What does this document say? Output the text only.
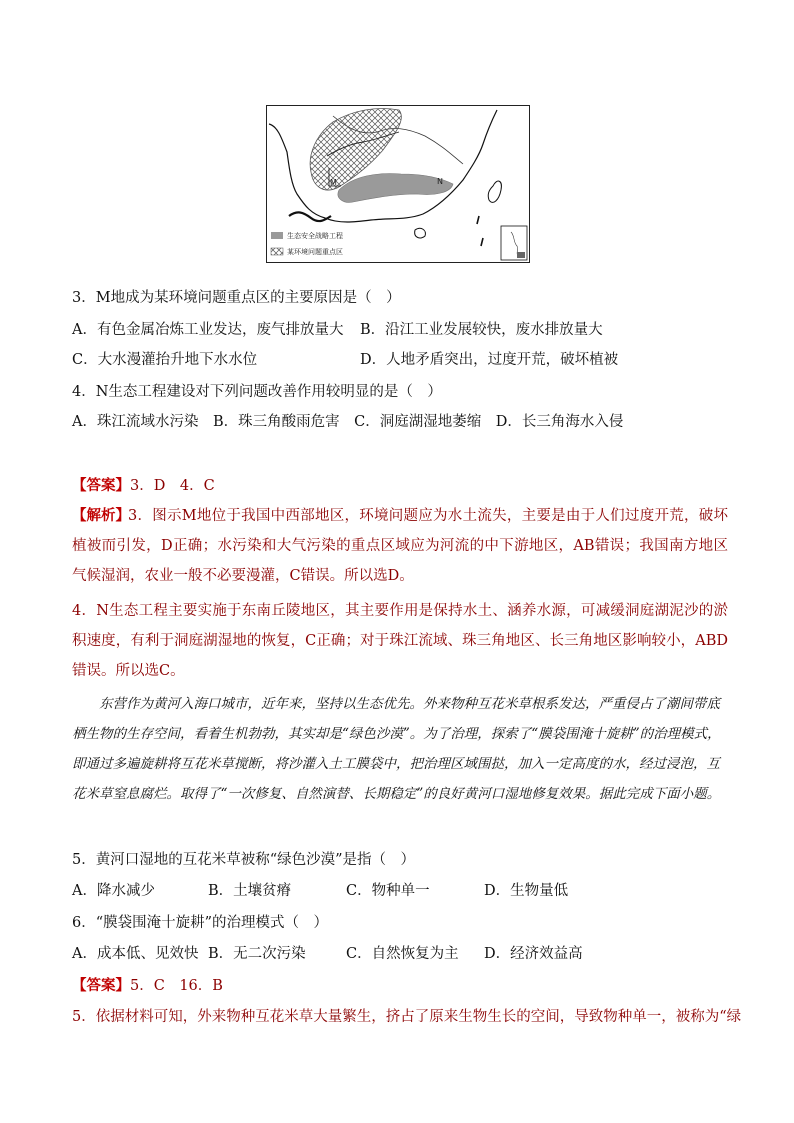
M	N
生态安全战略工程
某环境问题重点区
3．M地成为某环境问题重点区的主要原因是（　）
A．有色金属冶炼工业发达，废气排放量大 B．沿江工业发展较快，废水排放量大
C．大水漫灌抬升地下水水位	D．人地矛盾突出，过度开荒，破坏植被
4．N生态工程建设对下列问题改善作用较明显的是（　）
A．珠江流域水污染　B．珠三角酸雨危害　C．洞庭湖湿地萎缩　D．长三角海水入侵
【答案】3．D　4．C
【解析】
3．图示M地位于我国中西部地区，环境问题应为水土流失，主要是由于人们过度开荒，破坏植被而引发，D正确；水污染和大气污染的重点区域应为河流的中下游地区，AB错误；我国南方地区气候湿润，农业一般不必要漫灌，C错误。所以选D。
4．N生态工程主要实施于东南丘陵地区，其主要作用是保持水土、涵养水源，可减缓洞庭湖泥沙的淤积速度，有利于洞庭湖湿地的恢复，C正确；对于珠江流域、珠三角地区、长三角地区影响较小，ABD错误。所以选C。
东营作为黄河入海口城市，近年来，坚持以生态优先。外来物种互花米草根系发达，严重侵占了潮间带底栖生物的生存空间，看着生机勃勃，其实却是“绿色沙漠”。为了治理，探索了“膜袋围淹十旋耕”的治理模式，即通过多遍旋耕将互花米草搅断，将沙灌入土工膜袋中，把治理区域围挞，加入一定高度的水，经过浸泡，互花米草窒息腐烂。取得了“一次修复、自然演替、长期稳定”的良好黄河口湿地修复效果。据此完成下面小题。
5．黄河口湿地的互花米草被称“绿色沙漠”是指（　）
A．降水减少	B．土壤贫瘠	C．物种单一	D．生物量低
6．“膜袋围淹十旋耕”的治理模式（　）
A．成本低、见效快 B．无二次污染	C．自然恢复为主 D．经济效益高
【答案】5．C　16．B
5．依据材料可知，外来物种互花米草大量繁生，挤占了原来生物生长的空间，导致物种单一，被称为“绿
